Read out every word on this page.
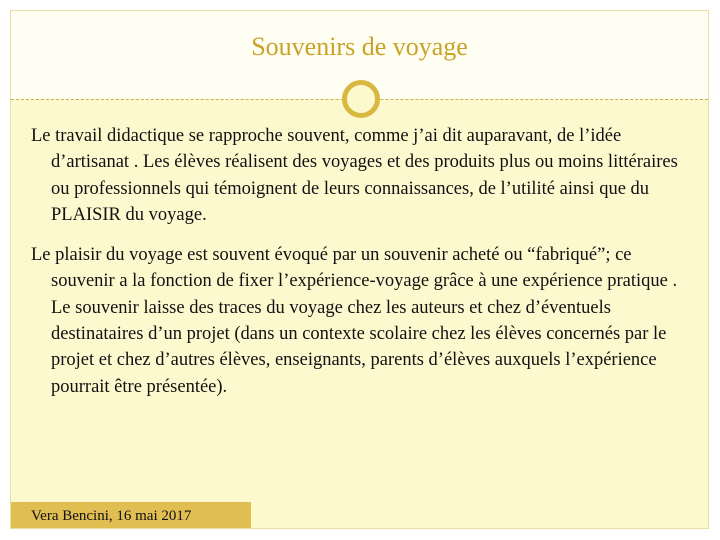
Souvenirs de voyage

Le travail didactique se rapproche souvent, comme j’ai dit auparavant, de l’idée d’artisanat . Les élèves réalisent des voyages et des produits plus ou moins littéraires ou professionnels qui témoignent de leurs connaissances, de l’utilité ainsi que du PLAISIR du voyage.

Le plaisir du voyage est souvent évoqué par un souvenir acheté ou “fabriqué”; ce souvenir a la fonction de fixer l’expérience-voyage grâce à une expérience pratique . Le souvenir laisse des traces du voyage chez les auteurs et chez d’éventuels destinataires d’un projet (dans un contexte scolaire chez les élèves concernés par le projet et chez d’autres élèves, enseignants, parents d’élèves auxquels l’expérience pourrait être présentée).

Vera Bencini, 16 mai 2017
